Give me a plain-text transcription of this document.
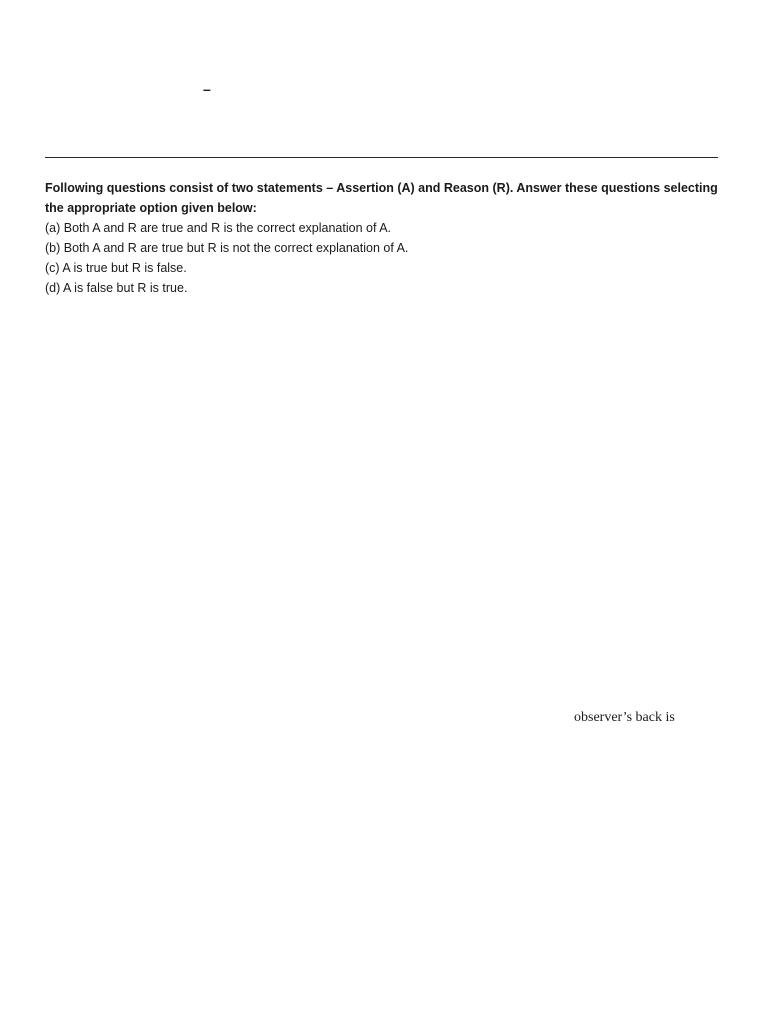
–

Following questions consist of two statements – Assertion (A) and Reason (R). Answer these questions selecting the appropriate option given below:

(a) Both A and R are true and R is the correct explanation of A.

(b) Both A and R are true but R is not the correct explanation of A.

(c) A is true but R is false.

(d) A is false but R is true.

observer’s back is
